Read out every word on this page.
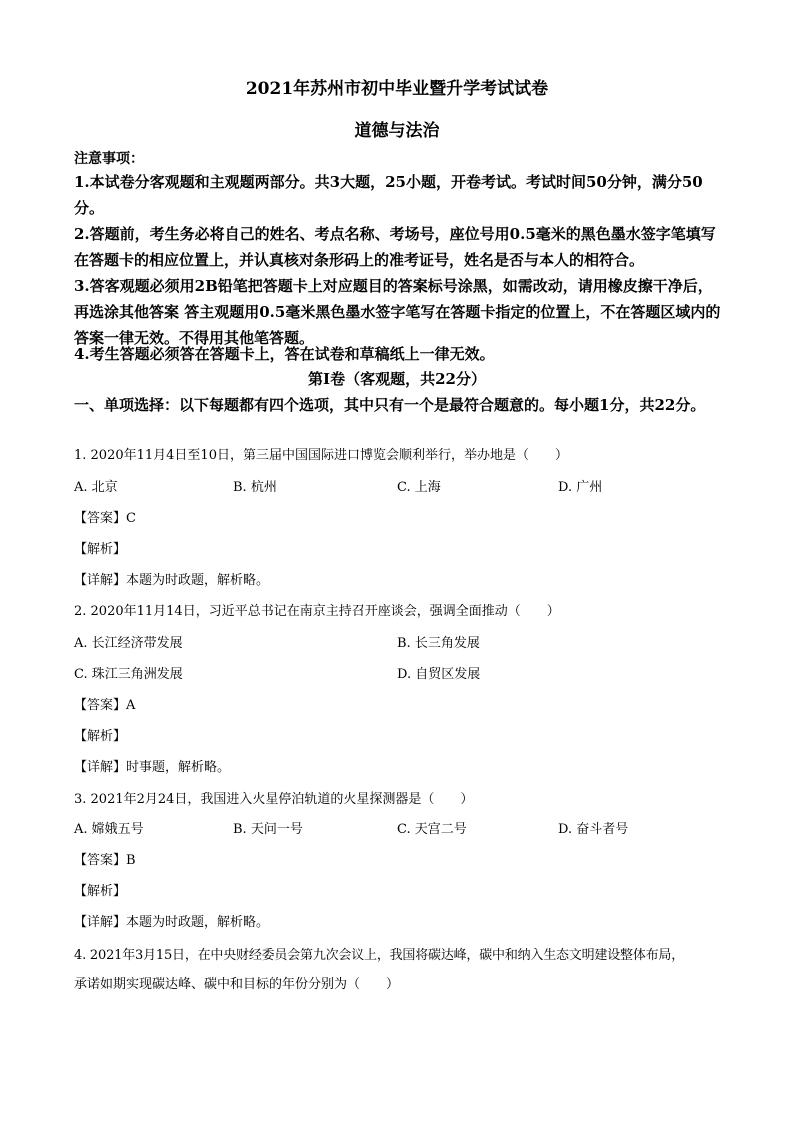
2021年苏州市初中毕业暨升学考试试卷
道德与法治
注意事项：
1.本试卷分客观题和主观题两部分。共3大题，25小题，开卷考试。考试时间50分钟，满分50分。
2.答题前，考生务必将自己的姓名、考点名称、考场号，座位号用0.5毫米的黑色墨水签字笔填写在答题卡的相应位置上，并认真核对条形码上的准考证号，姓名是否与本人的相符合。
3.答客观题必须用2B铅笔把答题卡上对应题目的答案标号涂黑，如需改动，请用橡皮擦干净后，再选涂其他答案 答主观题用0.5毫米黑色墨水签字笔写在答题卡指定的位置上，不在答题区域内的答案一律无效。不得用其他笔答题。
4.考生答题必须答在答题卡上，答在试卷和草稿纸上一律无效。
第Ⅰ卷（客观题，共22分）
一、单项选择：以下每题都有四个选项，其中只有一个是最符合题意的。每小题1分，共22分。
1. 2020年11月4日至10日，第三届中国国际进口博览会顺利举行，举办地是（　　）
A. 北京	B. 杭州	C. 上海	D. 广州
【答案】C
【解析】
【详解】本题为时政题，解析略。
2. 2020年11月14日，习近平总书记在南京主持召开座谈会，强调全面推动（　　）
A. 长江经济带发展	B. 长三角发展
C. 珠江三角洲发展	D. 自贸区发展
【答案】A
【解析】
【详解】时事题，解析略。
3. 2021年2月24日，我国进入火星停泊轨道的火星探测器是（　　）
A. 嫦娥五号	B. 天问一号	C. 天宫二号	D. 奋斗者号
【答案】B
【解析】
【详解】本题为时政题，解析略。
4. 2021年3月15日，在中央财经委员会第九次会议上，我国将碳达峰，碳中和纳入生态文明建设整体布局，
承诺如期实现碳达峰、碳中和目标的年份分别为（　　）
